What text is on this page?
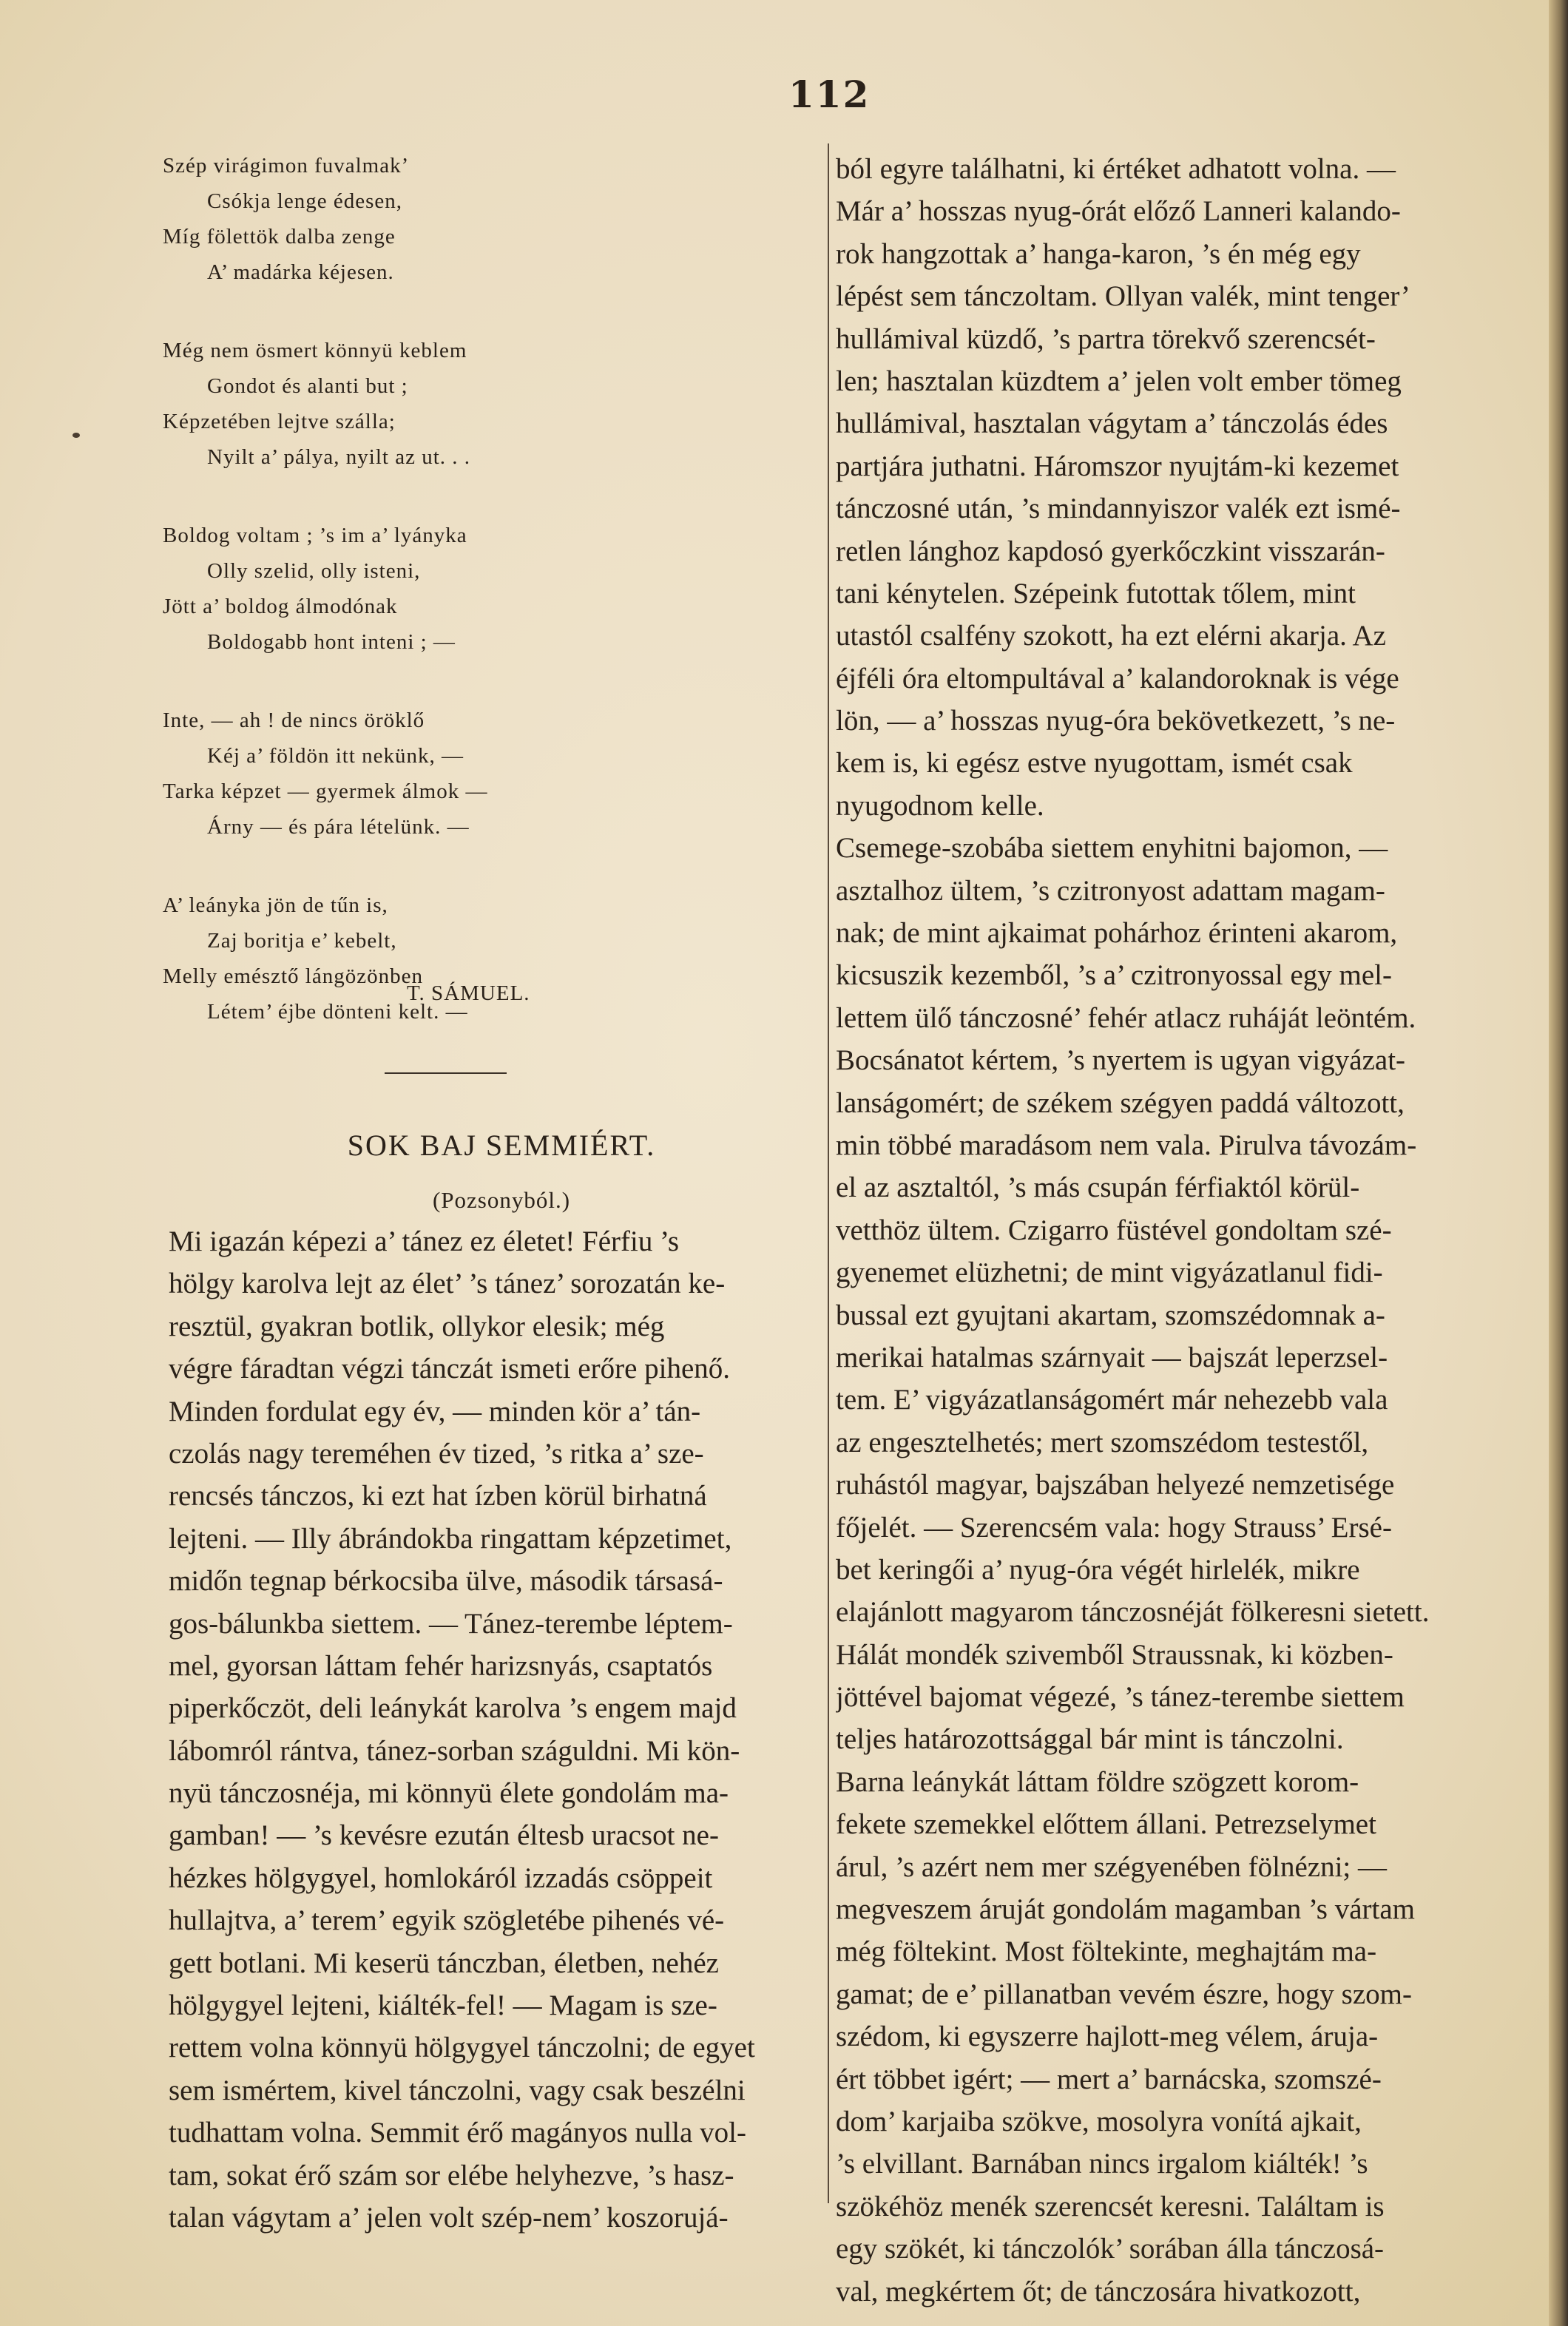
112
Szép virágimon fuvalmak’
Csókja lenge édesen,
Míg fölettök dalba zenge
A’ madárka kéjesen.
Még nem ösmert könnyü keblem
Gondot és alanti but ;
Képzetében lejtve szálla;
Nyilt a’ pálya, nyilt az ut. . .
Boldog voltam ; ’s im a’ lyányka
Olly szelid, olly isteni,
Jött a’ boldog álmodónak
Boldogabb hont inteni ; —
Inte, — ah ! de nincs öröklő
Kéj a’ földön itt nekünk, —
Tarka képzet — gyermek álmok —
Árny — és pára lételünk. —
A’ leányka jön de tűn is,
Zaj boritja e’ kebelt,
Melly emésztő lángözönben
Létem’ éjbe dönteni kelt. —
T. SÁMUEL.
SOK BAJ SEMMIÉRT.
(Pozsonyból.)
Mi igazán képezi a’ tánez ez életet! Férfiu ’s
hölgy karolva lejt az élet’ ’s tánez’ sorozatán ke-
resztül, gyakran botlik, ollykor elesik; még
végre fáradtan végzi tánczát ismeti erőre pihenő.
Minden fordulat egy év, — minden kör a’ tán-
czolás nagy tereméhen év tized, ’s ritka a’ sze-
rencsés tánczos, ki ezt hat ízben körül birhatná
lejteni. — Illy ábrándokba ringattam képzetimet,
midőn tegnap bérkocsiba ülve, második társasá-
gos-bálunkba siettem. — Tánez-terembe léptem-
mel, gyorsan láttam fehér harizsnyás, csaptatós
piperkőczöt, deli leánykát karolva ’s engem majd
lábomról rántva, tánez-sorban száguldni. Mi kön-
nyü tánczosnéja, mi könnyü élete gondolám ma-
gamban! — ’s kevésre ezután éltesb uracsot ne-
hézkes hölgygyel, homlokáról izzadás csöppeit
hullajtva, a’ terem’ egyik szögletébe pihenés vé-
gett botlani. Mi keserü tánczban, életben, nehéz
hölgygyel lejteni, kiálték-fel! — Magam is sze-
rettem volna könnyü hölgygyel tánczolni; de egyet
sem ismértem, kivel tánczolni, vagy csak beszélni
tudhattam volna. Semmit érő magányos nulla vol-
tam, sokat érő szám sor elébe helyhezve, ’s hasz-
talan vágytam a’ jelen volt szép-nem’ koszorujá-
ból egyre találhatni, ki értéket adhatott volna. —
Már a’ hosszas nyug-órát előző Lanneri kalando-
rok hangzottak a’ hanga-karon, ’s én még egy
lépést sem tánczoltam. Ollyan valék, mint tenger’
hullámival küzdő, ’s partra törekvő szerencsét-
len; hasztalan küzdtem a’ jelen volt ember tömeg
hullámival, hasztalan vágytam a’ tánczolás édes
partjára juthatni. Háromszor nyujtám-ki kezemet
tánczosné után, ’s mindannyiszor valék ezt ismé-
retlen lánghoz kapdosó gyerkőczkint visszarán-
tani kénytelen. Szépeink futottak tőlem, mint
utastól csalfény szokott, ha ezt elérni akarja. Az
éjféli óra eltompultával a’ kalandoroknak is vége
lön, — a’ hosszas nyug-óra bekövetkezett, ’s ne-
kem is, ki egész estve nyugottam, ismét csak
nyugodnom kelle.
Csemege-szobába siettem enyhitni bajomon, —
asztalhoz ültem, ’s czitronyost adattam magam-
nak; de mint ajkaimat pohárhoz érinteni akarom,
kicsuszik kezemből, ’s a’ czitronyossal egy mel-
lettem ülő tánczosné’ fehér atlacz ruháját leöntém.
Bocsánatot kértem, ’s nyertem is ugyan vigyázat-
lanságomért; de székem szégyen paddá változott,
min többé maradásom nem vala. Pirulva távozám-
el az asztaltól, ’s más csupán férfiaktól körül-
vetthöz ültem. Czigarro füstével gondoltam szé-
gyenemet elüzhetni; de mint vigyázatlanul fidi-
bussal ezt gyujtani akartam, szomszédomnak a-
merikai hatalmas szárnyait — bajszát leperzsel-
tem. E’ vigyázatlanságomért már nehezebb vala
az engesztelhetés; mert szomszédom testestől,
ruhástól magyar, bajszában helyezé nemzetisége
főjelét. — Szerencsém vala: hogy Strauss’ Ersé-
bet keringői a’ nyug-óra végét hirlelék, mikre
elajánlott magyarom tánczosnéját fölkeresni sietett.
Hálát mondék szivemből Straussnak, ki közben-
jöttével bajomat végezé, ’s tánez-terembe siettem
teljes határozottsággal bár mint is tánczolni.
Barna leánykát láttam földre szögzett korom-
fekete szemekkel előttem állani. Petrezselymet
árul, ’s azért nem mer szégyenében fölnézni; —
megveszem áruját gondolám magamban ’s vártam
még föltekint. Most föltekinte, meghajtám ma-
gamat; de e’ pillanatban vevém észre, hogy szom-
szédom, ki egyszerre hajlott-meg vélem, áruja-
ért többet igért; — mert a’ barnácska, szomszé-
dom’ karjaiba szökve, mosolyra vonítá ajkait,
’s elvillant. Barnában nincs irgalom kiálték! ’s
szökéhöz menék szerencsét keresni. Találtam is
egy szökét, ki tánczolók’ sorában álla tánczosá-
val, megkértem őt; de tánczosára hivatkozott,
